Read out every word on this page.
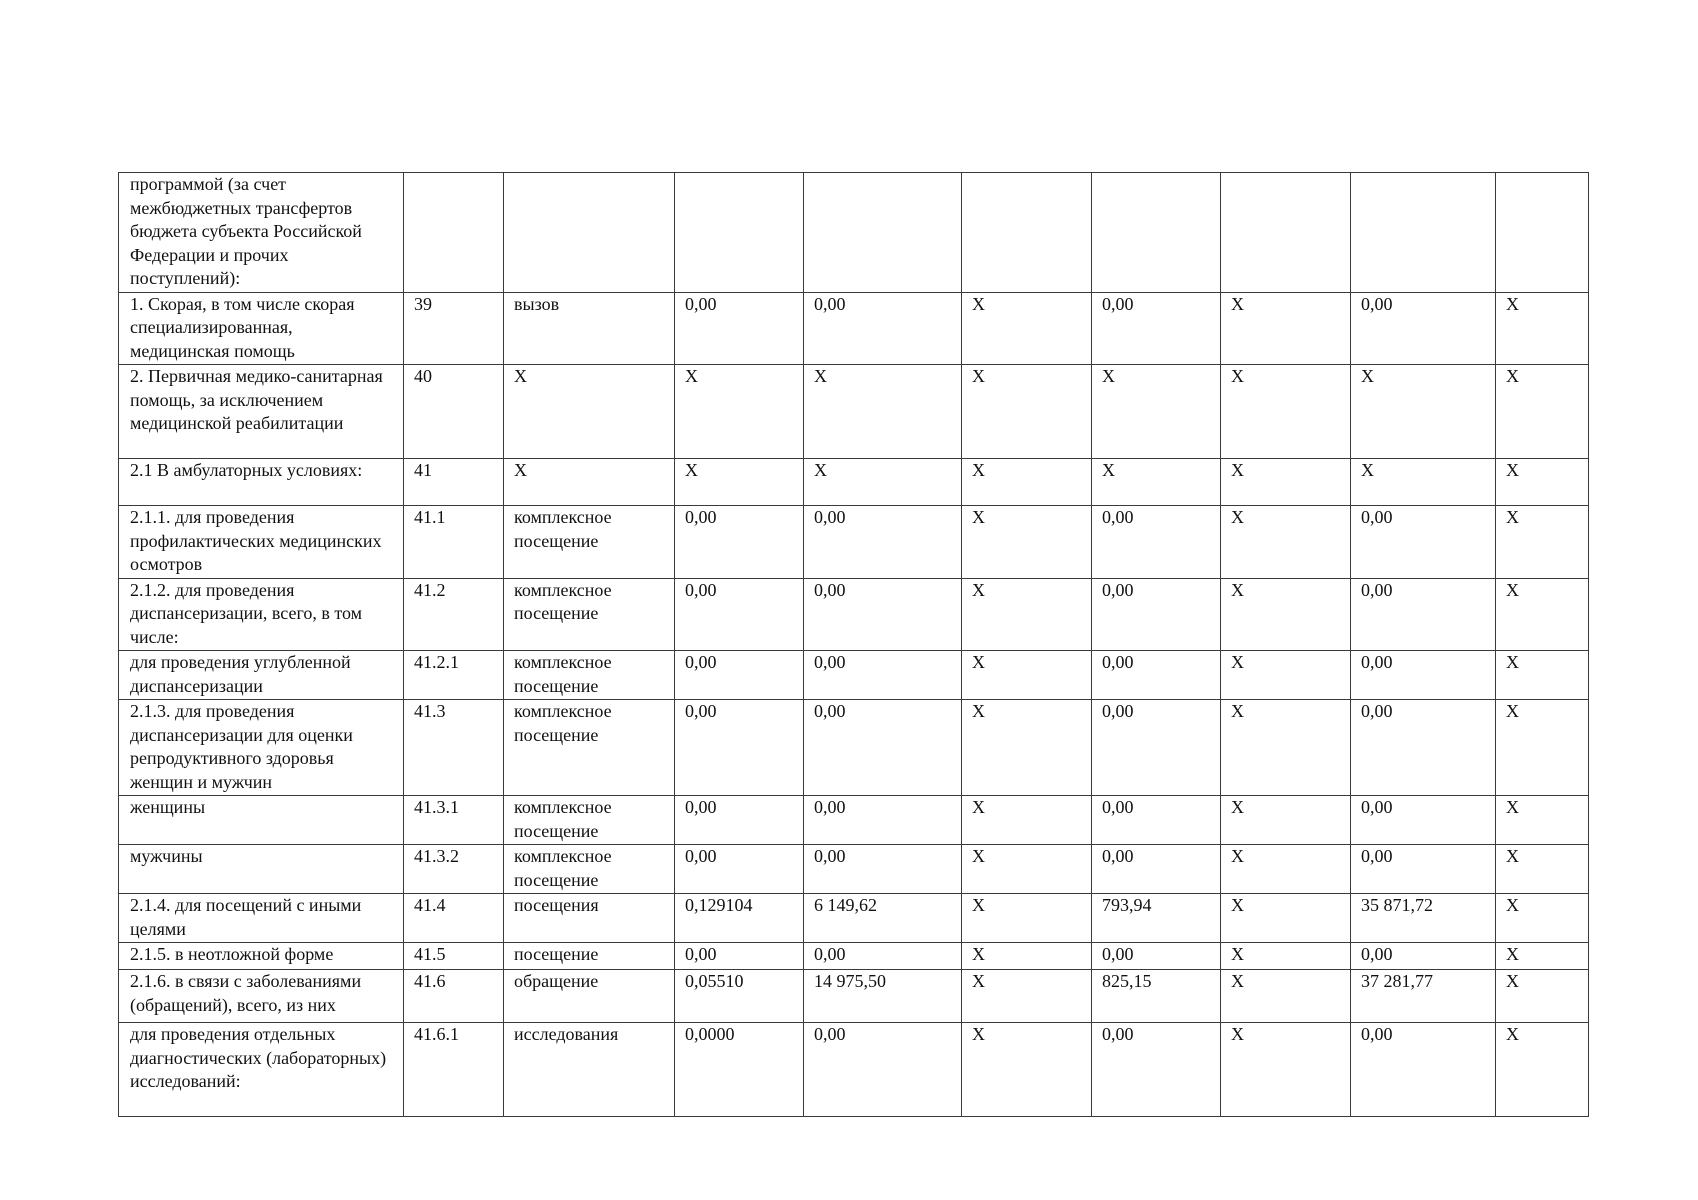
программой (за счет межбюджетных трансфертов бюджета субъекта Российской Федерации и прочих поступлений):									
1. Скорая, в том числе скорая специализированная, медицинская помощь	39	вызов	0,00	0,00	X	0,00	X	0,00	X
2. Первичная медико-санитарная помощь, за исключением медицинской реабилитации	40	X	X	X	X	X	X	X	X
2.1 В амбулаторных условиях:	41	X	X	X	X	X	X	X	X
2.1.1. для проведения профилактических медицинских осмотров	41.1	комплексное посещение	0,00	0,00	X	0,00	X	0,00	X
2.1.2. для проведения диспансеризации, всего, в том числе:	41.2	комплексное посещение	0,00	0,00	X	0,00	X	0,00	X
для проведения углубленной диспансеризации	41.2.1	комплексное посещение	0,00	0,00	X	0,00	X	0,00	X
2.1.3. для проведения диспансеризации для оценки репродуктивного здоровья женщин и мужчин	41.3	комплексное посещение	0,00	0,00	X	0,00	X	0,00	X
женщины	41.3.1	комплексное посещение	0,00	0,00	X	0,00	X	0,00	X
мужчины	41.3.2	комплексное посещение	0,00	0,00	X	0,00	X	0,00	X
2.1.4. для посещений с иными целями	41.4	посещения	0,129104	6 149,62	X	793,94	X	35 871,72	X
2.1.5. в неотложной форме	41.5	посещение	0,00	0,00	X	0,00	X	0,00	X
2.1.6. в связи с заболеваниями (обращений), всего, из них	41.6	обращение	0,05510	14 975,50	X	825,15	X	37 281,77	X
для проведения отдельных диагностических (лабораторных) исследований:	41.6.1	исследования	0,0000	0,00	X	0,00	X	0,00	X
